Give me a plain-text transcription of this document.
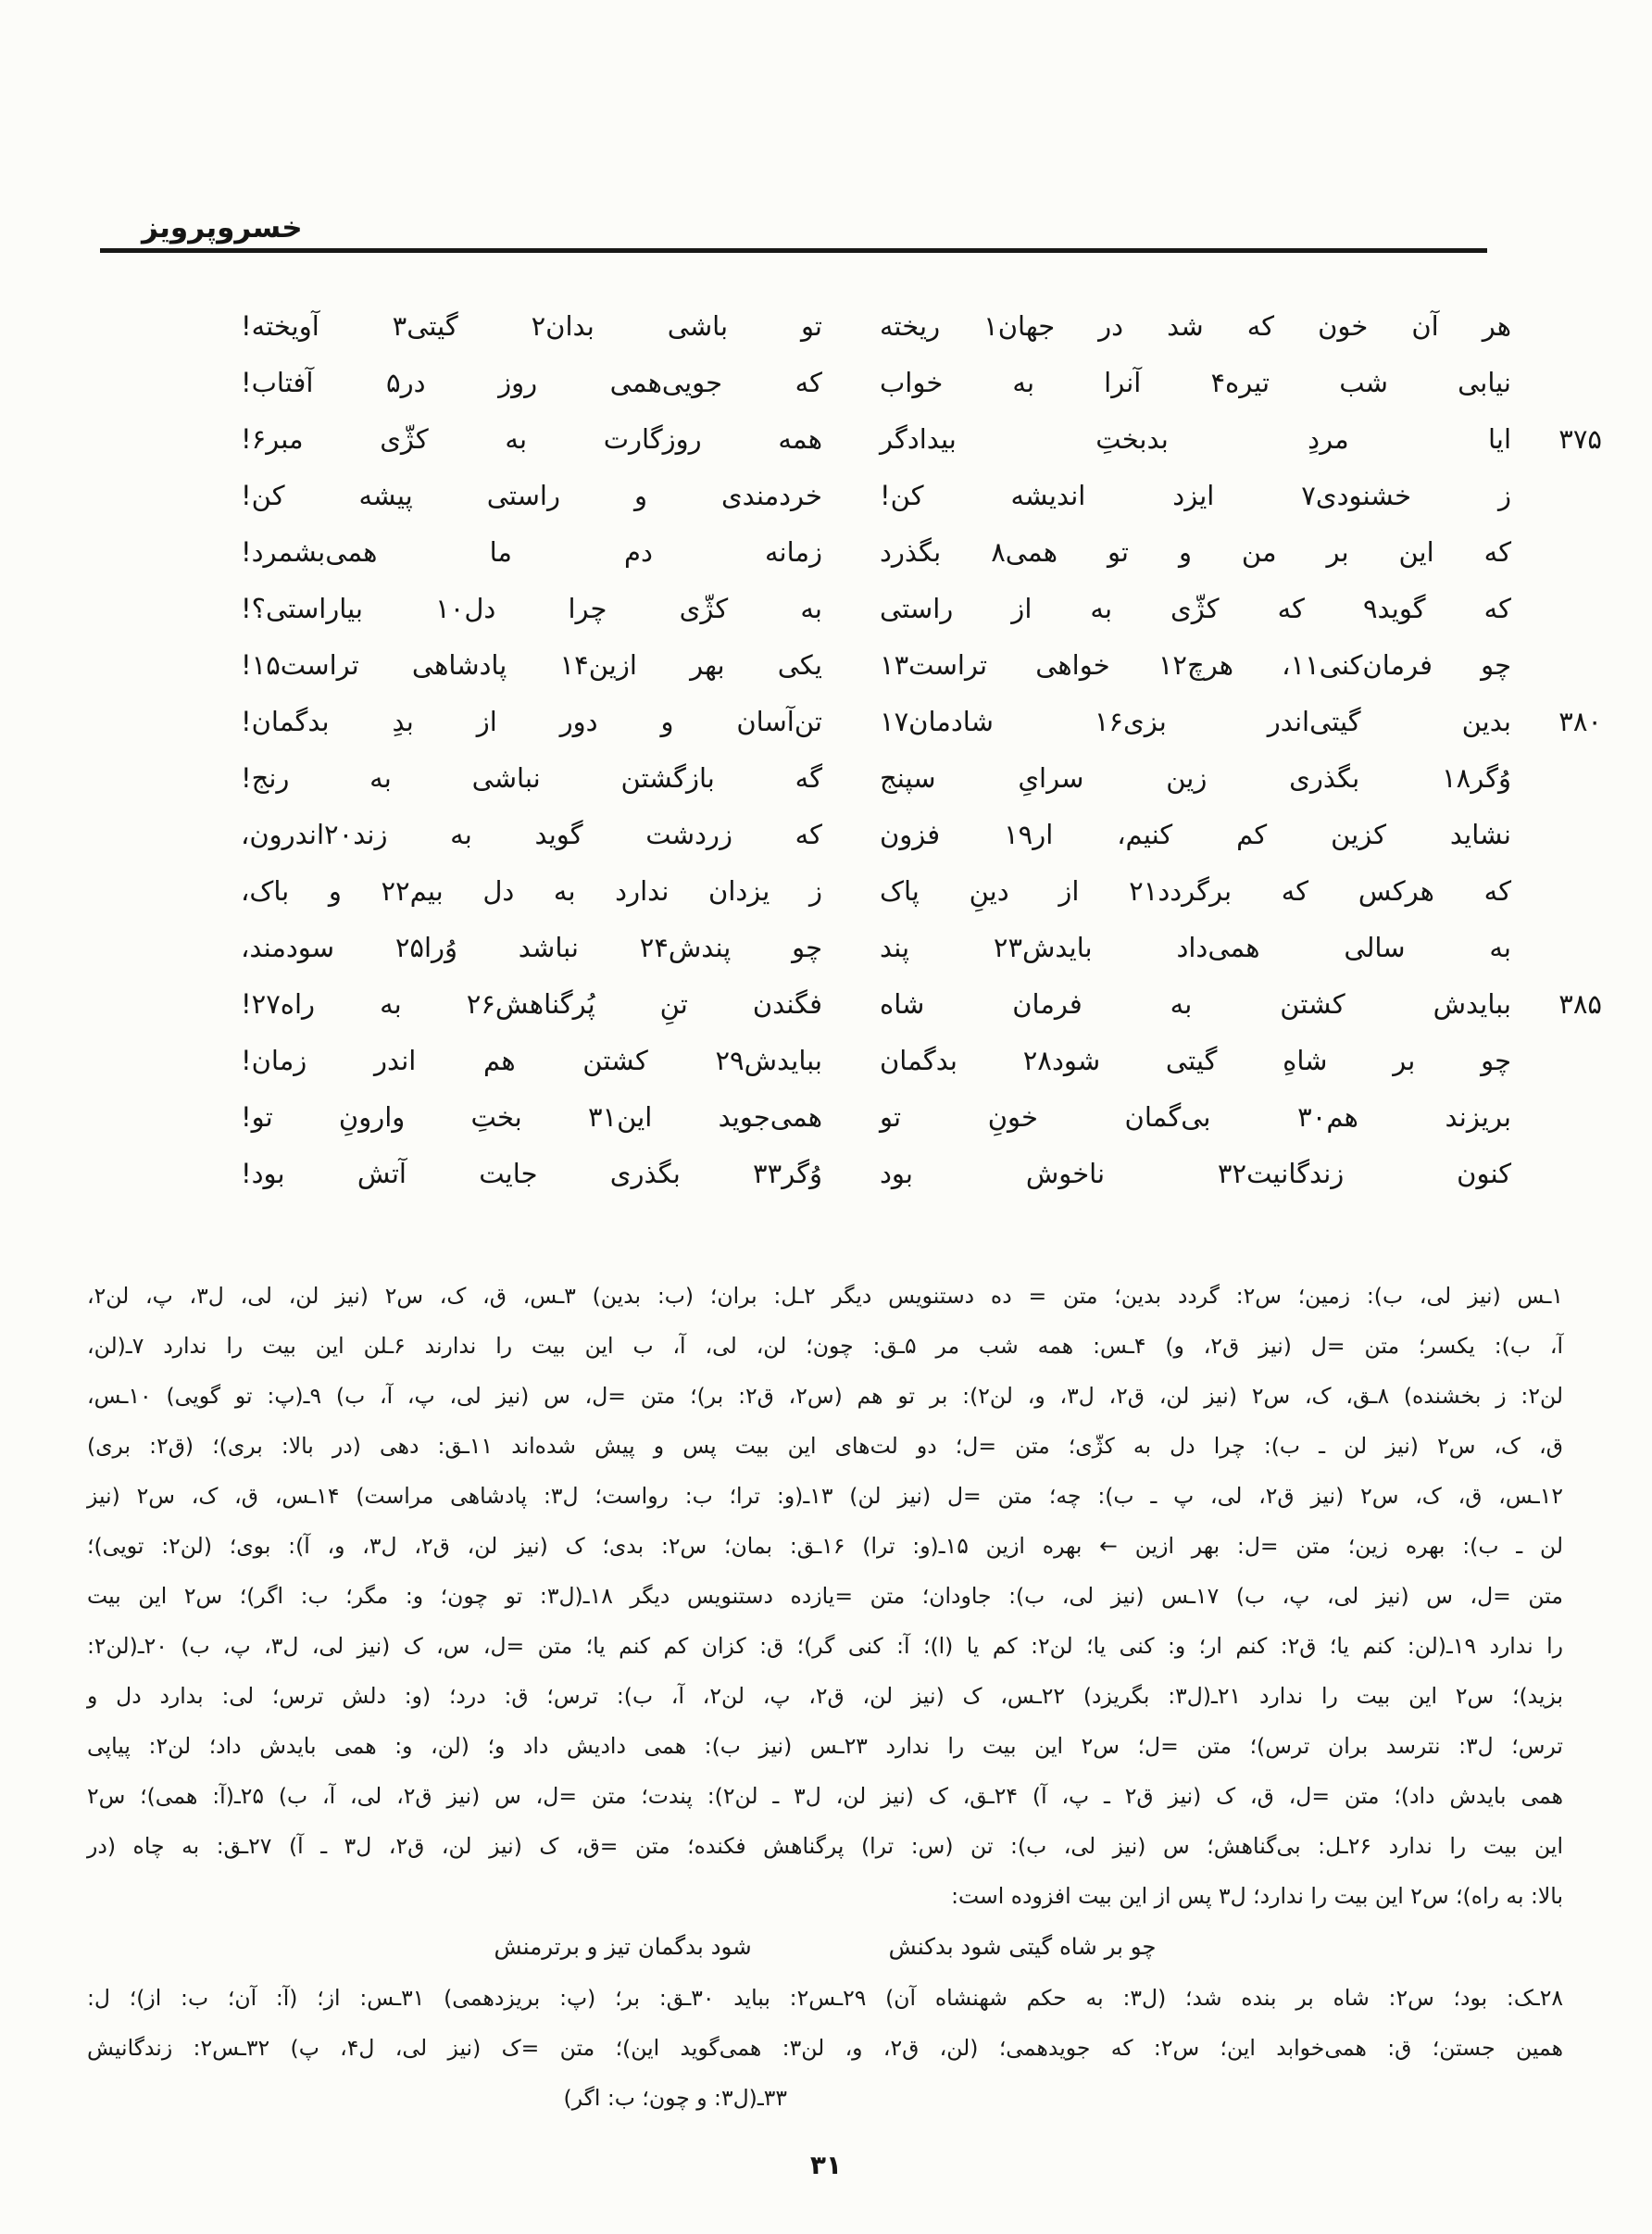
خسروپرویز

هر آن خون که شد در جهان۱ ریخته

تو باشی بدان۲ گیتی۳ آویخته!

نیابی شب تیره۴ آنرا به خواب

که جویی‌همی روز در۵ آفتاب!

۳۷۵

ایا مردِ بدبختِ بیدادگر

همه روزگارت به کژّی مبر۶!

ز خشنودی۷ ایزد اندیشه کن!

خردمندی و راستی پیشه کن!

که این بر من و تو همی۸ بگذرد

زمانه دم ما همی‌بشمرد!

که گوید۹ که کژّی به از راستی

به کژّی چرا دل۱۰ بیاراستی؟!

چو فرمان‌کنی۱۱، هرچ۱۲ خواهی تراست۱۳

یکی بهر ازین۱۴ پادشاهی تراست۱۵!

۳۸۰

بدین گیتی‌اندر بزی۱۶ شادمان۱۷

تن‌آسان و دور از بدِ بدگمان!

وُگر۱۸ بگذری زین سرایِ سپنج

گه بازگشتن نباشی به رنج!

نشاید کزین کم کنیم، ار۱۹ فزون

که زردشت گوید به زند۲۰اندرون،

که هرکس که برگردد۲۱ از دینِ پاک

ز یزدان ندارد به دل بیم۲۲ و باک،

به سالی همی‌داد بایدش۲۳ پند

چو پندش۲۴ نباشد وُرا۲۵ سودمند،

۳۸۵

ببایدش کشتن به فرمان شاه

فگندن تنِ پُرگناهش۲۶ به راه۲۷!

چو بر شاهِ گیتی شود۲۸ بدگمان

ببایدش۲۹ کشتن هم اندر زمان!

بریزند هم۳۰ بی‌گمان خونِ تو

همی‌جوید این۳۱ بختِ وارونِ تو!

کنون زندگانیت۳۲ ناخوش بود

وُگر۳۳ بگذری جایت آتش بود!

۱ـس (نیز لی، ب): زمین؛ س۲: گردد بدین؛ متن = ده دستنویس دیگر ۲ـل: بران؛ (ب: بدین) ۳ـس، ق، ک، س۲ (نیز لن، لی، ل۳، پ، لن۲،
آ، ب): یکسر؛ متن =ل (نیز ق۲، و) ۴ـس: همه شب مر ۵ـق: چون؛ لن، لی، آ، ب این بیت را ندارند ۶ـلن این بیت را ندارد ۷ـ(لن،
لن۲: ز بخشنده) ۸ـق، ک، س۲ (نیز لن، ق۲، ل۳، و، لن۲): بر تو هم (س۲، ق۲: بر)؛ متن =ل، س (نیز لی، پ، آ، ب) ۹ـ(پ: تو گویی) ۱۰ـس،
ق، ک، س۲ (نیز لن ـ ب): چرا دل به کژّی؛ متن =ل؛ دو لت‌های این بیت پس و پیش شده‌اند ۱۱ـق: دهی (در بالا: بری)؛ (ق۲: بری)
۱۲ـس، ق، ک، س۲ (نیز ق۲، لی، پ ـ ب): چه؛ متن =ل (نیز لن) ۱۳ـ(و: ترا؛ ب: رواست؛ ل۳: پادشاهی مراست) ۱۴ـس، ق، ک، س۲ (نیز
لن ـ ب): بهره زین؛ متن =ل: بهر ازین ← بهره ازین ۱۵ـ(و: ترا) ۱۶ـق: بمان؛ س۲: بدی؛ ک (نیز لن، ق۲، ل۳، و، آ): بوی؛ (لن۲: تویی)؛
متن =ل، س (نیز لی، پ، ب) ۱۷ـس (نیز لی، ب): جاودان؛ متن =یازده دستنویس دیگر ۱۸ـ(ل۳: تو چون؛ و: مگر؛ ب: اگر)؛ س۲ این بیت
را ندارد ۱۹ـ(لن: کنم یا؛ ق۲: کنم ار؛ و: کنی یا؛ لن۲: کم یا (ا)؛ آ: کنی گر)؛ ق: کزان کم کنم یا؛ متن =ل، س، ک (نیز لی، ل۳، پ، ب) ۲۰ـ(لن۲:
بزید)؛ س۲ این بیت را ندارد ۲۱ـ(ل۳: بگریزد) ۲۲ـس، ک (نیز لن، ق۲، پ، لن۲، آ، ب): ترس؛ ق: درد؛ (و: دلش ترس؛ لی: بدارد دل و
ترس؛ ل۳: نترسد بران ترس)؛ متن =ل؛ س۲ این بیت را ندارد ۲۳ـس (نیز ب): همی دادیش داد و؛ (لن، و: همی بایدش داد؛ لن۲: پیاپی
همی بایدش داد)؛ متن =ل، ق، ک (نیز ق۲ ـ پ، آ) ۲۴ـق، ک (نیز لن، ل۳ ـ لن۲): پندت؛ متن =ل، س (نیز ق۲، لی، آ، ب) ۲۵ـ(آ: همی)؛ س۲
این بیت را ندارد ۲۶ـل: بی‌گناهش؛ س (نیز لی، ب): تن (س: ترا) پرگناهش فکنده؛ متن =ق، ک (نیز لن، ق۲، ل۳ ـ آ) ۲۷ـق: به چاه (در
بالا: به راه)؛ س۲ این بیت را ندارد؛ ل۳ پس از این بیت افزوده است:
چو بر شاه گیتی شود بدکنش
شود بدگمان تیز و برترمنش
۲۸ـک: بود؛ س۲: شاه بر بنده شد؛ (ل۳: به حکم شهنشاه آن) ۲۹ـس۲: بباید ۳۰ـق: بر؛ (پ: بریزدهمی) ۳۱ـس: از؛ (آ: آن؛ ب: از)؛ ل:
همین جستن؛ ق: همی‌خوابد این؛ س۲: که جویدهمی؛ (لن، ق۲، و، لن۳: همی‌گوید این)؛ متن =ک (نیز لی، ل۴، پ) ۳۲ـس۲: زندگانیش
۳۳ـ(ل۳: و چون؛ ب: اگر)
۳۱
